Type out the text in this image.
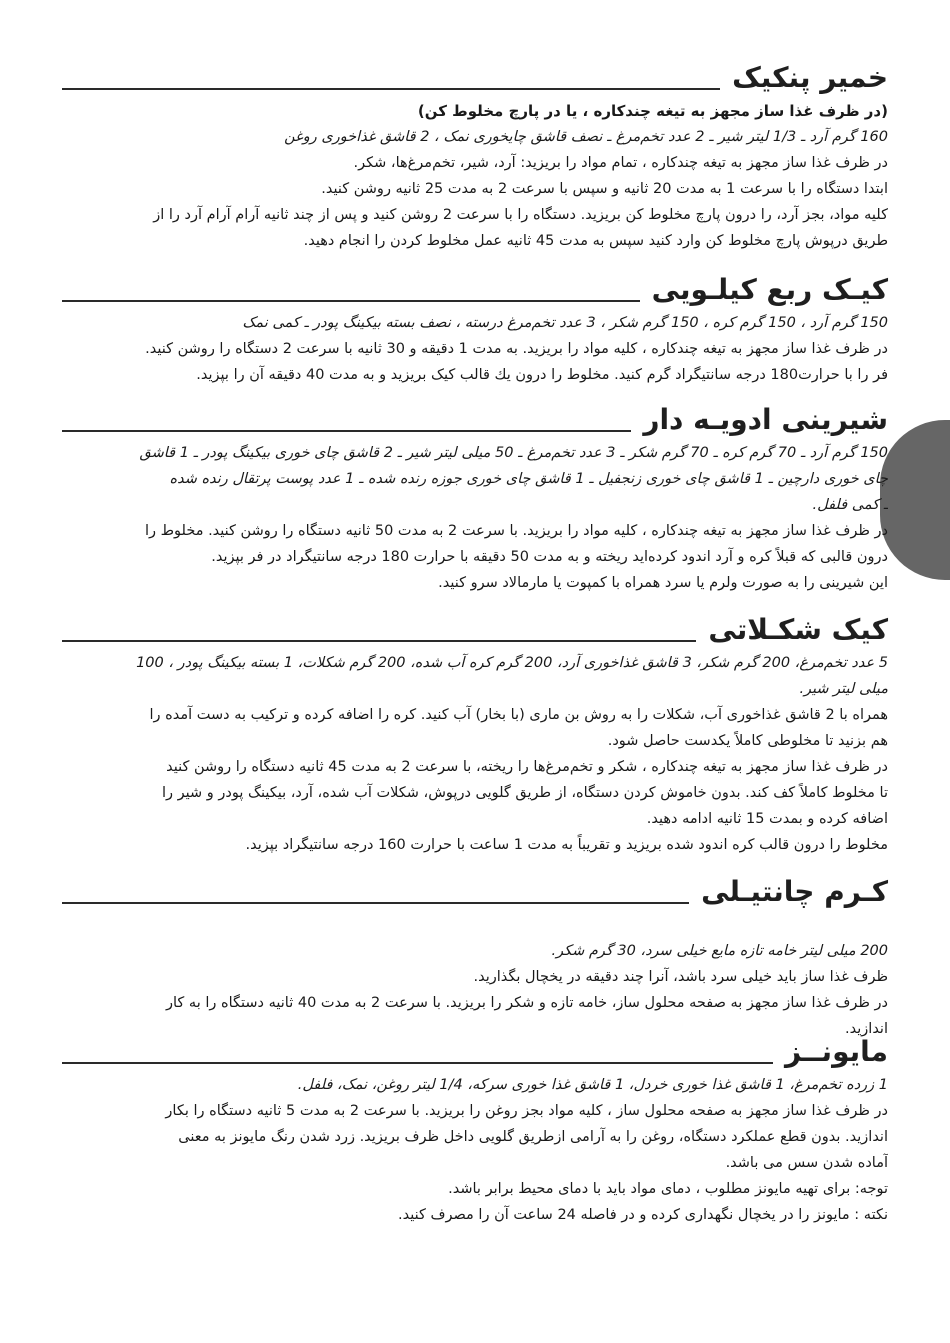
خمیر پنکیک
(در ظرف غذا ساز مجهز به تیغه چندکاره ، یا در پارچ مخلوط کن)
160 گرم آرد ـ 1/3 لیتر شیر ـ 2 عدد تخم‌مرغ ـ نصف قاشق چایخوری نمک ، 2 قاشق غذاخوری روغن
در ظرف غذا ساز مجهز به تیغه چندکاره ، تمام مواد را بریزید: آرد، شیر، تخم‌مرغ‌ها، شکر.
ابتدا دستگاه را با سرعت 1 به مدت 20 ثانیه و سپس با سرعت 2 به مدت 25 ثانیه روشن کنید.
کلیه مواد، بجز آرد، را درون پارچ مخلوط کن بریزید. دستگاه را با سرعت 2 روشن کنید و پس از چند ثانیه آرام آرام آرد را از
طریق درپوش پارچ مخلوط کن وارد کنید سپس به مدت 45 ثانیه عمل مخلوط کردن را انجام دهید.
کیـک ربع کیلـویی
150 گرم آرد ، 150 گرم کره ، 150 گرم شکر ، 3 عدد تخم‌مرغ درسته ، نصف بسته بیکینگ پودر ـ کمی نمک
در ظرف غذا ساز مجهز به تیغه چندکاره ، کلیه مواد را بریزید. به مدت 1 دقیقه و 30 ثانیه با سرعت 2 دستگاه را روشن کنید.
فر را با حرارت180 درجه سانتیگراد گرم کنید. مخلوط را درون یك قالب کیک بریزید و به مدت 40 دقیقه آن را بپزید.
شیرینی ادویـه دار
150 گرم آرد ـ 70 گرم کره ـ 70 گرم شکر ـ 3 عدد تخم‌مرغ ـ 50 میلی لیتر شیر ـ 2 قاشق چای خوری بیکینگ پودر ـ 1 قاشق
چای خوری دارچین ـ 1 قاشق چای خوری زنجفیل ـ 1 قاشق چای خوری جوزه رنده شده ـ 1 عدد پوست پرتقال رنده شده
ـ کمی فلفل.
در ظرف غذا ساز مجهز به تیغه چندکاره ، کلیه مواد را بریزید. با سرعت 2 به مدت 50 ثانیه دستگاه را روشن کنید. مخلوط را
درون قالبی که قبلاً کره و آرد اندود کرده‌اید ریخته و به مدت 50 دقیقه با حرارت 180 درجه سانتیگراد در فر بپزید.
این شیرینی را به صورت ولرم یا سرد همراه با کمپوت یا مارمالاد سرو کنید.
کیک شکـلاتی
5 عدد تخم‌مرغ، 200 گرم شکر، 3 قاشق غذاخوری آرد، 200 گرم کره آب شده، 200 گرم شکلات، 1 بسته بیکینگ پودر ، 100
میلی لیتر شیر.
همراه با 2 قاشق غذاخوری آب، شکلات را به روش بن ماری (با بخار) آب کنید. کره را اضافه کرده و ترکیب به دست آمده را
هم بزنید تا مخلوطی کاملاً یکدست حاصل شود.
در ظرف غذا ساز مجهز به تیغه چندکاره ، شکر و تخم‌مرغ‌ها را ریخته، با سرعت 2 به مدت 45 ثانیه دستگاه را روشن کنید
تا مخلوط کاملاً کف کند. بدون خاموش کردن دستگاه، از طریق گلویی درپوش، شکلات آب شده، آرد، بیکینگ پودر و شیر را
اضافه کرده و بمدت 15 ثانیه ادامه دهید.
مخلوط را درون قالب کره اندود شده بریزید و تقریباً به مدت 1 ساعت با حرارت 160 درجه سانتیگراد بپزید.
کـرم چانتیـلی
200 میلی لیتر خامه تازه مایع خیلی سرد، 30 گرم شکر.
ظرف غذا ساز باید خیلی سرد باشد، آنرا چند دقیقه در یخچال بگذارید.
در ظرف غذا ساز مجهز به صفحه محلول ساز، خامه تازه و شکر را بریزید. با سرعت 2 به مدت 40 ثانیه دستگاه را به کار
اندازید.
مایونــز
1 زرده تخم‌مرغ، 1 قاشق غذا خوری خردل، 1 قاشق غذا خوری سرکه، 1/4 لیتر روغن، نمک، فلفل.
در ظرف غذا ساز مجهز به صفحه محلول ساز ، کلیه مواد بجز روغن را بریزید. با سرعت 2 به مدت 5 ثانیه دستگاه را بکار
اندازید. بدون قطع عملکرد دستگاه، روغن را به آرامی ازطریق گلویی داخل ظرف بریزید. زرد شدن رنگ مایونز به معنی
آماده شدن سس می باشد.
توجه: برای تهیه مایونز مطلوب ، دمای مواد باید با دمای محیط برابر باشد.
نکته : مایونز را در یخچال نگهداری کرده و در فاصله 24 ساعت آن را مصرف کنید.
